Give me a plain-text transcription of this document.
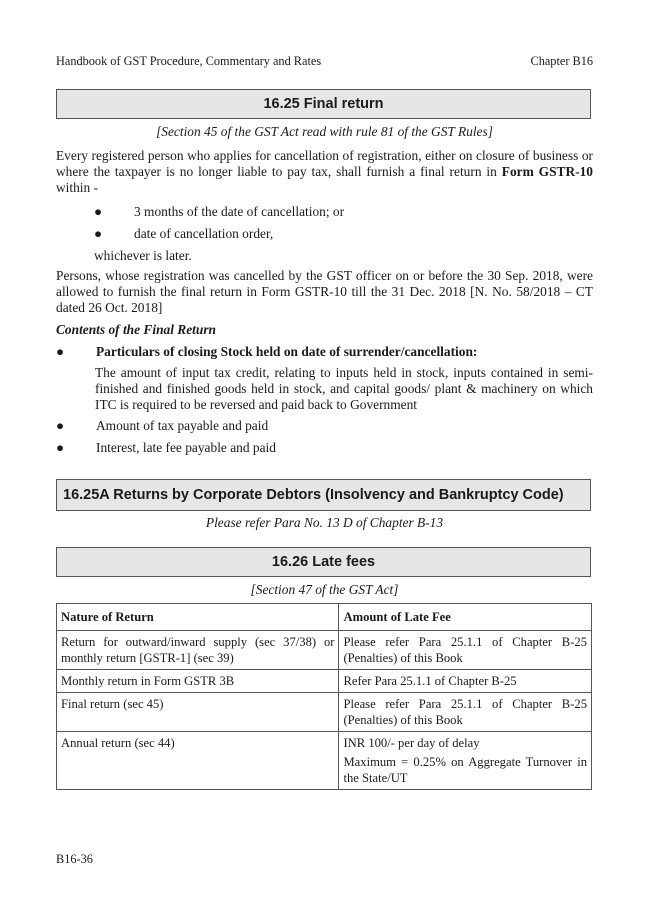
Handbook of GST Procedure, Commentary and Rates	Chapter B16
16.25 Final return
[Section 45 of the GST Act read with rule 81 of the GST Rules]

Every registered person who applies for cancellation of registration, either on closure of business or where the taxpayer is no longer liable to pay tax, shall furnish a final return in Form GSTR-10 within -

●	3 months of the date of cancellation; or
●	date of cancellation order,
whichever is later.

Persons, whose registration was cancelled by the GST officer on or before the 30 Sep. 2018, were allowed to furnish the final return in Form GSTR-10 till the 31 Dec. 2018 [N. No. 58/2018 – CT dated 26 Oct. 2018]

Contents of the Final Return
●	Particulars of closing Stock held on date of surrender/cancellation:

The amount of input tax credit, relating to inputs held in stock, inputs contained in semi-finished and finished goods held in stock, and capital goods/ plant & machinery on which ITC is required to be reversed and paid back to Government

●	Amount of tax payable and paid
●	Interest, late fee payable and paid
16.25A Returns by Corporate Debtors (Insolvency and Bankruptcy Code)
Please refer Para No. 13 D of Chapter B-13
16.26 Late fees
[Section 47 of the GST Act]
Nature of Return	Amount of Late Fee
Return for outward/inward supply (sec 37/38) or monthly return [GSTR-1] (sec 39)	Please refer Para 25.1.1 of Chapter B-25 (Penalties) of this Book
Monthly return in Form GSTR 3B	Refer Para 25.1.1 of Chapter B-25
Final return (sec 45)	Please refer Para 25.1.1 of Chapter B-25 (Penalties) of this Book
Annual return (sec 44)	INR 100/- per day of delay
Maximum = 0.25% on Aggregate Turnover in the State/UT
B16-36
